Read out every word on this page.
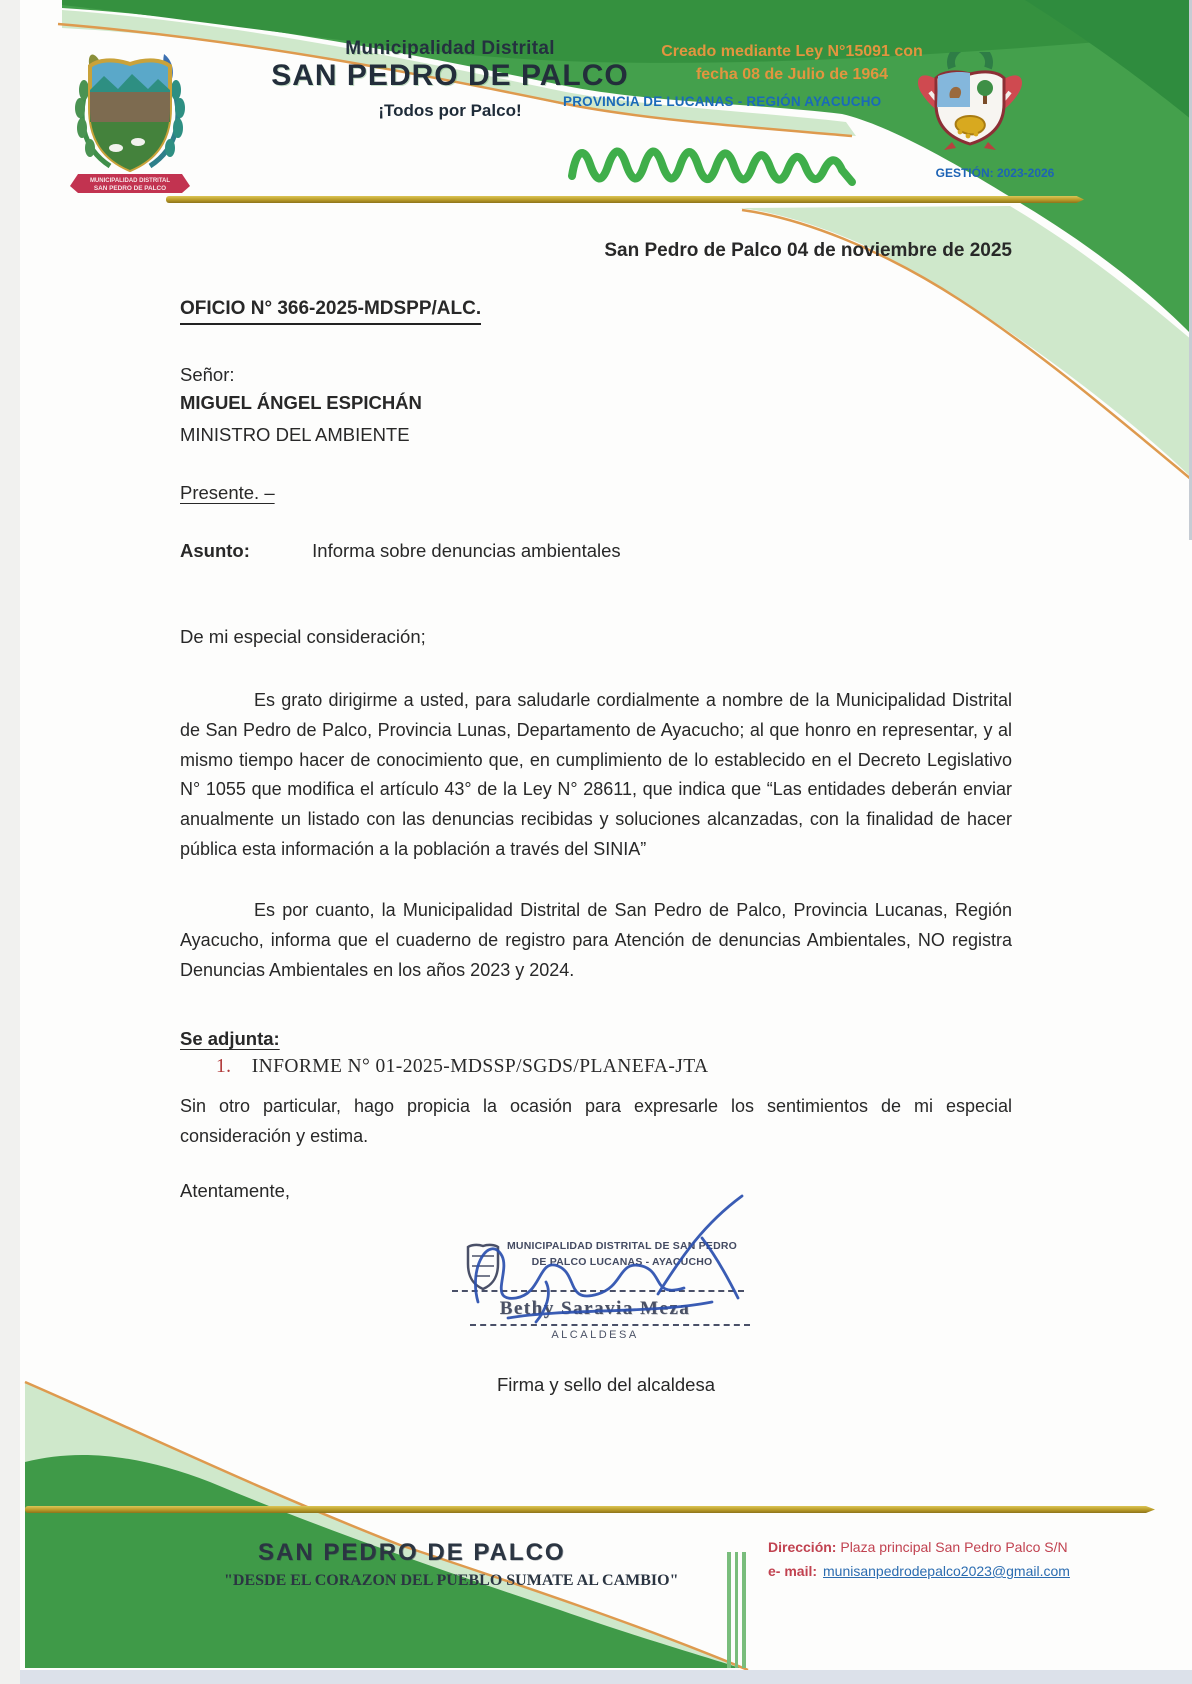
MUNICIPALIDAD DISTRITAL
SAN PEDRO DE PALCO
Municipalidad Distrital
SAN PEDRO DE PALCO
¡Todos por Palco!
Creado mediante Ley N°15091 con
fecha 08 de Julio de 1964
PROVINCIA DE LUCANAS - REGIÓN AYACUCHO
GESTIÓN: 2023-2026
San Pedro de Palco 04 de noviembre de 2025
OFICIO N° 366-2025-MDSPP/ALC.
Señor:
MIGUEL ÁNGEL ESPICHÁN
MINISTRO DEL AMBIENTE
Presente. –
Asunto:	Informa sobre denuncias ambientales
De mi especial consideración;
Es grato dirigirme a usted, para saludarle cordialmente a nombre de la Municipalidad Distrital de San Pedro de Palco, Provincia Lunas, Departamento de Ayacucho; al que honro en representar, y al mismo tiempo hacer de conocimiento que, en cumplimiento de lo establecido en el Decreto Legislativo N° 1055 que modifica el artículo 43° de la Ley N° 28611, que indica que “Las entidades deberán enviar anualmente un listado con las denuncias recibidas y soluciones alcanzadas, con la finalidad de hacer pública esta información a la población a través del SINIA”
Es por cuanto, la Municipalidad Distrital de San Pedro de Palco, Provincia Lucanas, Región Ayacucho, informa que el cuaderno de registro para Atención de denuncias Ambientales, NO registra Denuncias Ambientales en los años 2023 y 2024.
Se adjunta:
1. INFORME N° 01-2025-MDSSP/SGDS/PLANEFA-JTA
Sin otro particular, hago propicia la ocasión para expresarle los sentimientos de mi especial consideración y estima.
Atentamente,
MUNICIPALIDAD DISTRITAL DE SAN PEDRO
DE PALCO LUCANAS - AYACUCHO
Bethy Saravia Meza
ALCALDESA
Firma y sello del alcaldesa
SAN PEDRO DE PALCO
"DESDE EL CORAZON DEL PUEBLO SUMATE AL CAMBIO"
Dirección: Plaza principal San Pedro Palco S/N
e- mail: munisanpedrodepalco2023@gmail.com
